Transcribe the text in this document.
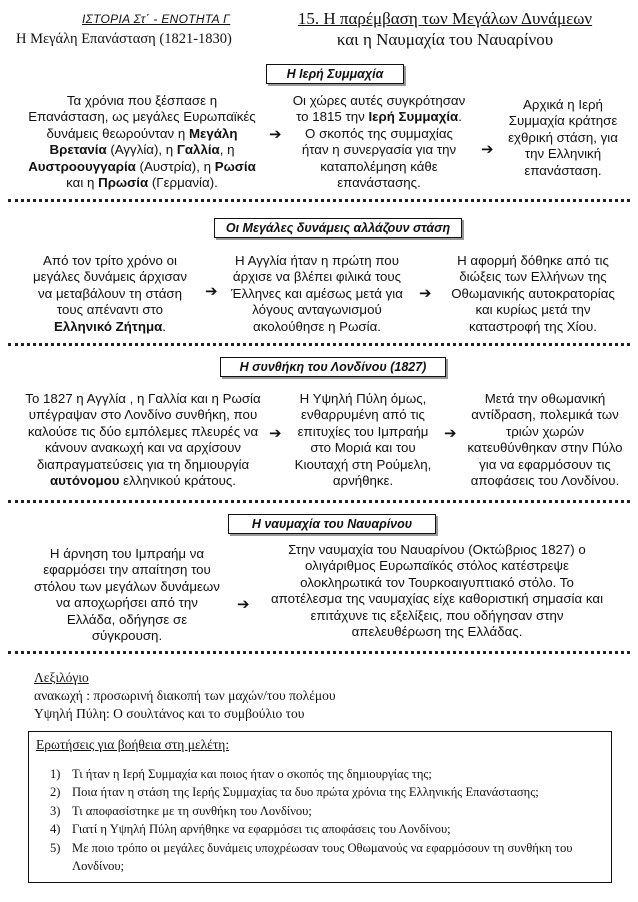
ΙΣΤΟΡΙΑ Στ΄ - ΕΝΟΤΗΤΑ Γ
Η Μεγάλη Επανάσταση (1821-1830)
15. Η παρέμβαση των Μεγάλων Δυνάμεων
και η Ναυμαχία του Ναυαρίνου
Η Ιερή Συμμαχία
Τα χρόνια που ξέσπασε η
Επανάσταση, ως μεγάλες Ευρωπαϊκές
δυνάμεις θεωρούνταν η Μεγάλη
Βρετανία (Αγγλία), η Γαλλία, η
Αυστροουγγαρία (Αυστρία), η Ρωσία
και η Πρωσία (Γερμανία).
➔
Οι χώρες αυτές συγκρότησαν
το 1815 την Ιερή Συμμαχία.
Ο σκοπός της συμμαχίας
ήταν η συνεργασία για την
καταπολέμηση κάθε
επανάστασης.
➔
Αρχικά η Ιερή
Συμμαχία κράτησε
εχθρική στάση, για
την Ελληνική
επανάσταση.
Οι Μεγάλες δυνάμεις αλλάζουν στάση
Από τον τρίτο χρόνο οι
μεγάλες δυνάμεις άρχισαν
να μεταβάλουν τη στάση
τους απέναντι στο
Ελληνικό Ζήτημα.
➔
Η Αγγλία ήταν η πρώτη που
άρχισε να βλέπει φιλικά τους
Έλληνες και αμέσως μετά για
λόγους ανταγωνισμού
ακολούθησε η Ρωσία.
➔
Η αφορμή δόθηκε από τις
διώξεις των Ελλήνων της
Οθωμανικής αυτοκρατορίας
και κυρίως μετά την
καταστροφή της Χίου.
Η συνθήκη του Λονδίνου (1827)
Το 1827 η Αγγλία , η Γαλλία και η Ρωσία
υπέγραψαν στο Λονδίνο συνθήκη, που
καλούσε τις δύο εμπόλεμες πλευρές να
κάνουν ανακωχή και να αρχίσουν
διαπραγματεύσεις για τη δημιουργία
αυτόνομου ελληνικού κράτους.
➔
Η Υψηλή Πύλη όμως,
ενθαρρυμένη από τις
επιτυχίες του Ιμπραήμ
στο Μοριά και του
Κιουταχή στη Ρούμελη,
αρνήθηκε.
➔
Μετά την οθωμανική
αντίδραση, πολεμικά των
τριών χωρών
κατευθύνθηκαν στην Πύλο
για να εφαρμόσουν τις
αποφάσεις του Λονδίνου.
Η ναυμαχία του Ναυαρίνου
Η άρνηση του Ιμπραήμ να
εφαρμόσει την απαίτηση του
στόλου των μεγάλων δυνάμεων
να αποχωρήσει από την
Ελλάδα, οδήγησε σε
σύγκρουση.
➔
Στην ναυμαχία του Ναυαρίνου (Οκτώβριος 1827) ο
ολιγάριθμος Ευρωπαϊκός στόλος κατέστρεψε
ολοκληρωτικά τον Τουρκοαιγυπτιακό στόλο. Το
αποτέλεσμα της ναυμαχίας είχε καθοριστική σημασία και
επιτάχυνε τις εξελίξεις, που οδήγησαν στην
απελευθέρωση της Ελλάδας.
Λεξιλόγιο
ανακωχή : προσωρινή διακοπή των μαχών/του πολέμου
Υψηλή Πύλη: Ο σουλτάνος και το συμβούλιο του
Ερωτήσεις για βοήθεια στη μελέτη:
1) Τι ήταν η Ιερή Συμμαχία και ποιος ήταν ο σκοπός της δημιουργίας της;
2) Ποια ήταν η στάση της Ιερής Συμμαχίας τα δυο πρώτα χρόνια της Ελληνικής Επανάστασης;
3) Τι αποφασίστηκε με τη συνθήκη του Λονδίνου;
4) Γιατί η Υψηλή Πύλη αρνήθηκε να εφαρμόσει τις αποφάσεις του Λονδίνου;
5) Με ποιο τρόπο οι μεγάλες δυνάμεις υποχρέωσαν τους Οθωμανούς να εφαρμόσουν τη συνθήκη του
Λονδίνου;
